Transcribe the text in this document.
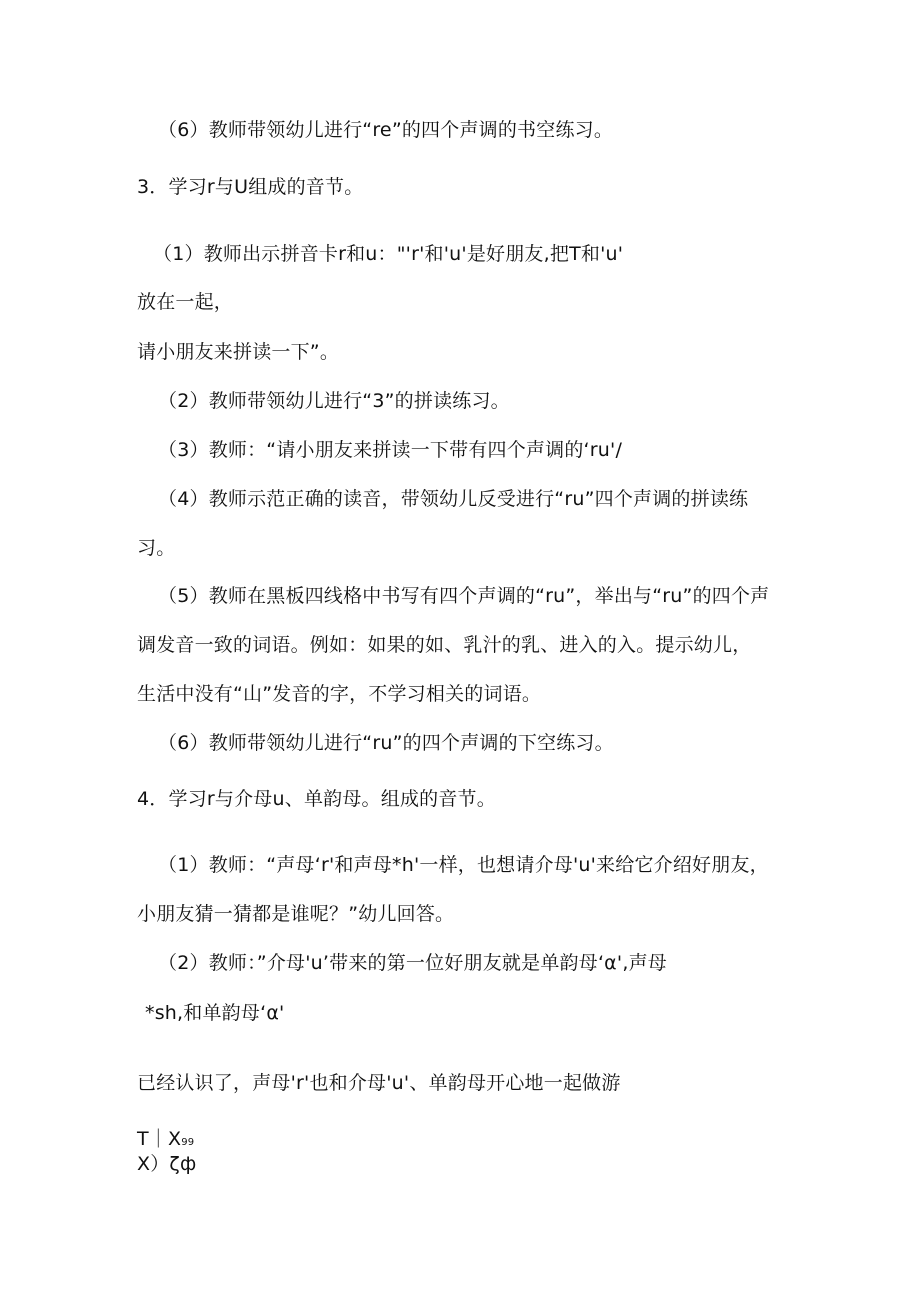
（6）教师带领幼儿进行“re”的四个声调的书空练习。
3．学习r与U组成的音节。
（1）教师出示拼音卡r和u："'r'和'u'是好朋友,把T和'u'
放在一起，
请小朋友来拼读一下”。
（2）教师带领幼儿进行“3”的拼读练习。
（3）教师：“请小朋友来拼读一下带有四个声调的‘ru'/
（4）教师示范正确的读音，带领幼儿反受进行“ru”四个声调的拼读练
习。
（5）教师在黑板四线格中书写有四个声调的“ru”，举出与“ru”的四个声
调发音一致的词语。例如：如果的如、乳汁的乳、进入的入。提示幼儿，
生活中没有“山”发音的字，不学习相关的词语。
（6）教师带领幼儿进行“ru”的四个声调的下空练习。
4．学习r与介母u、单韵母。组成的音节。
（1）教师：“声母‘r'和声母*h'一样，也想请介母'u'来给它介绍好朋友，
小朋友猜一猜都是谁呢？”幼儿回答。
（2）教师：”介母'u’带来的第一位好朋友就是单韵母‘α',声母
*sh,和单韵母‘α'
已经认识了，声母'r'也和介母'u'、单韵母开心地一起做游
T｜X99
X）ζф
